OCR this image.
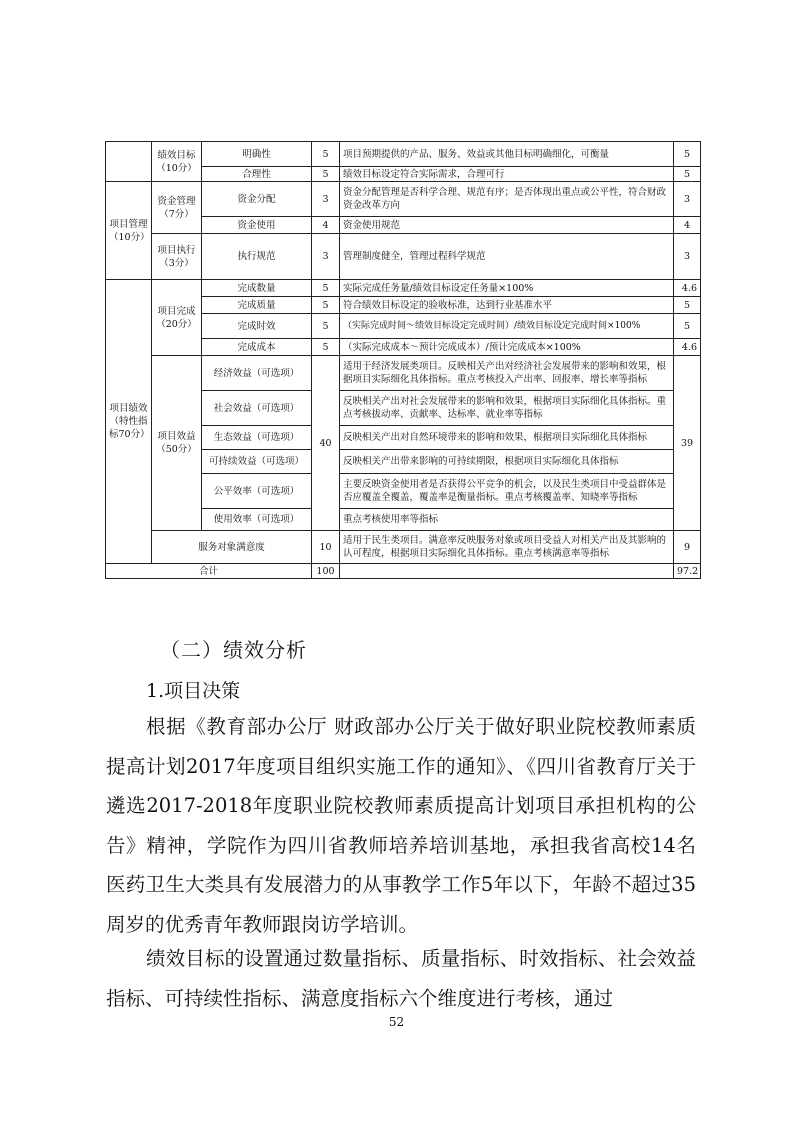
	绩效目标（10分）	明确性	5	项目预期提供的产品、服务、效益或其他目标明确细化，可衡量	5
		合理性	5	绩效目标设定符合实际需求，合理可行	5
项目管理（10分）	资金管理（7分）	资金分配	3	资金分配管理是否科学合理、规范有序；是否体现出重点或公平性，符合财政资金改革方向	3
		资金使用	4	资金使用规范	4
	项目执行（3分）	执行规范	3	管理制度健全，管理过程科学规范	3
项目绩效（特性指标70分）	项目完成（20分）	完成数量	5	实际完成任务量/绩效目标设定任务量×100%	4.6
		完成质量	5	符合绩效目标设定的验收标准，达到行业基准水平	5
		完成时效	5	（实际完成时间～绩效目标设定完成时间）/绩效目标设定完成时间×100%	5
		完成成本	5	（实际完成成本～预计完成成本）/预计完成成本×100%	4.6
	项目效益（50分）	经济效益（可选项）	40	适用于经济发展类项目。反映相关产出对经济社会发展带来的影响和效果，根据项目实际细化具体指标。重点考核投入产出率、回报率、增长率等指标	39
		社会效益（可选项）		反映相关产出对社会发展带来的影响和效果，根据项目实际细化具体指标。重点考核拔动率、贡献率、达标率、就业率等指标	
		生态效益（可选项）		反映相关产出对自然环境带来的影响和效果，根据项目实际细化具体指标	
		可持续效益（可选项）		反映相关产出带来影响的可持续期限，根据项目实际细化具体指标	
		公平效率（可选项）		主要反映资金使用者是否获得公平竞争的机会，以及民生类项目中受益群体是否应覆盖全覆盖，覆盖率是衡量指标。重点考核覆盖率、知晓率等指标	
		使用效率（可选项）		重点考核使用率等指标	
	服务对象满意度		10	适用于民生类项目。满意率反映服务对象或项目受益人对相关产出及其影响的认可程度，根据项目实际细化具体指标。重点考核满意率等指标	9
合计			100		97.2
（二）绩效分析
1.项目决策

根据《教育部办公厅 财政部办公厅关于做好职业院校教师素质提高计划2017年度项目组织实施工作的通知》、《四川省教育厅关于遴选2017-2018年度职业院校教师素质提高计划项目承担机构的公告》精神，学院作为四川省教师培养培训基地，承担我省高校14名医药卫生大类具有发展潜力的从事教学工作5年以下，年龄不超过35周岁的优秀青年教师跟岗访学培训。

绩效目标的设置通过数量指标、质量指标、时效指标、社会效益指标、可持续性指标、满意度指标六个维度进行考核，通过

52
